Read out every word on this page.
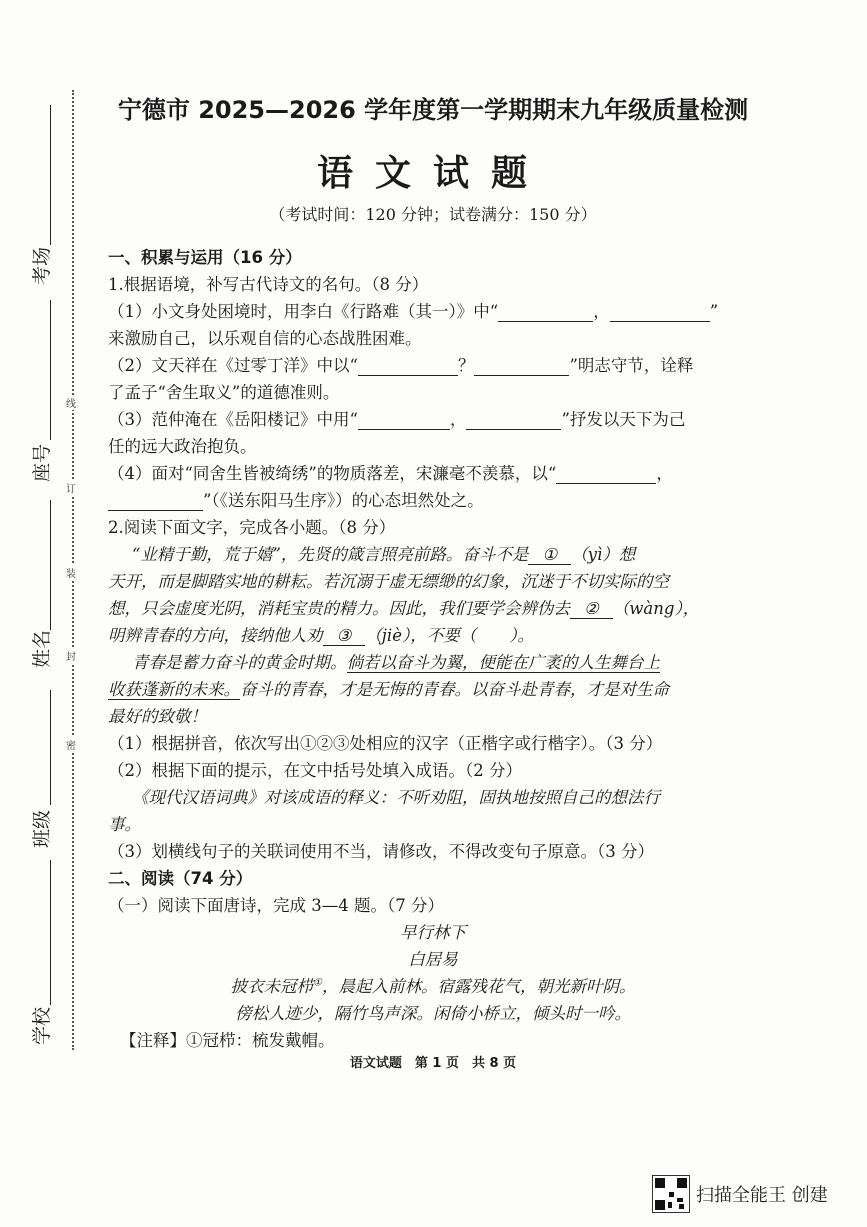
考场
座号
姓名
班级
学校
线
订
装
封
密
宁德市 2025—2026 学年度第一学期期末九年级质量检测
语文试题
（考试时间：120 分钟；试卷满分：150 分）
一、积累与运用（16 分）
1.根据语境，补写古代诗文的名句。（8 分）
（1）小文身处困境时，用李白《行路难（其一）》中“	，	”
来激励自己，以乐观自信的心态战胜困难。
（2）文天祥在《过零丁洋》中以“	？	”明志守节，诠释
了孟子“舍生取义”的道德准则。
（3）范仲淹在《岳阳楼记》中用“	，	”抒发以天下为己
任的远大政治抱负。
（4）面对“同舍生皆被绮绣”的物质落差，宋濂毫不羡慕，以“	，
”（《送东阳马生序》）的心态坦然处之。
2.阅读下面文字，完成各小题。（8 分）
“业精于勤，荒于嬉”，先贤的箴言照亮前路。奋斗不是 ① （yì）想
天开，而是脚踏实地的耕耘。若沉溺于虚无缥缈的幻象，沉迷于不切实际的空
想，只会虚度光阴，消耗宝贵的精力。因此，我们要学会辨伪去 ② （wàng），
明辨青春的方向，接纳他人劝 ③ （jiè），不要（　　）。
青春是蓄力奋斗的黄金时期。倘若以奋斗为翼，便能在广袤的人生舞台上
收获蓬新的未来。奋斗的青春，才是无悔的青春。以奋斗赴青春，才是对生命
最好的致敬！
（1）根据拼音，依次写出①②③处相应的汉字（正楷字或行楷字）。（3 分）
（2）根据下面的提示，在文中括号处填入成语。（2 分）
《现代汉语词典》对该成语的释义：不听劝阻，固执地按照自己的想法行
事。
（3）划横线句子的关联词使用不当，请修改，不得改变句子原意。（3 分）
二、阅读（74 分）
（一）阅读下面唐诗，完成 3—4 题。（7 分）
早行林下
白居易
披衣未冠栉①，晨起入前林。宿露残花气，朝光新叶阴。
傍松人迹少，隔竹鸟声深。闲倚小桥立，倾头时一吟。
【注释】①冠栉：梳发戴帽。
语文试题　第 1 页　共 8 页
扫描全能王 创建
